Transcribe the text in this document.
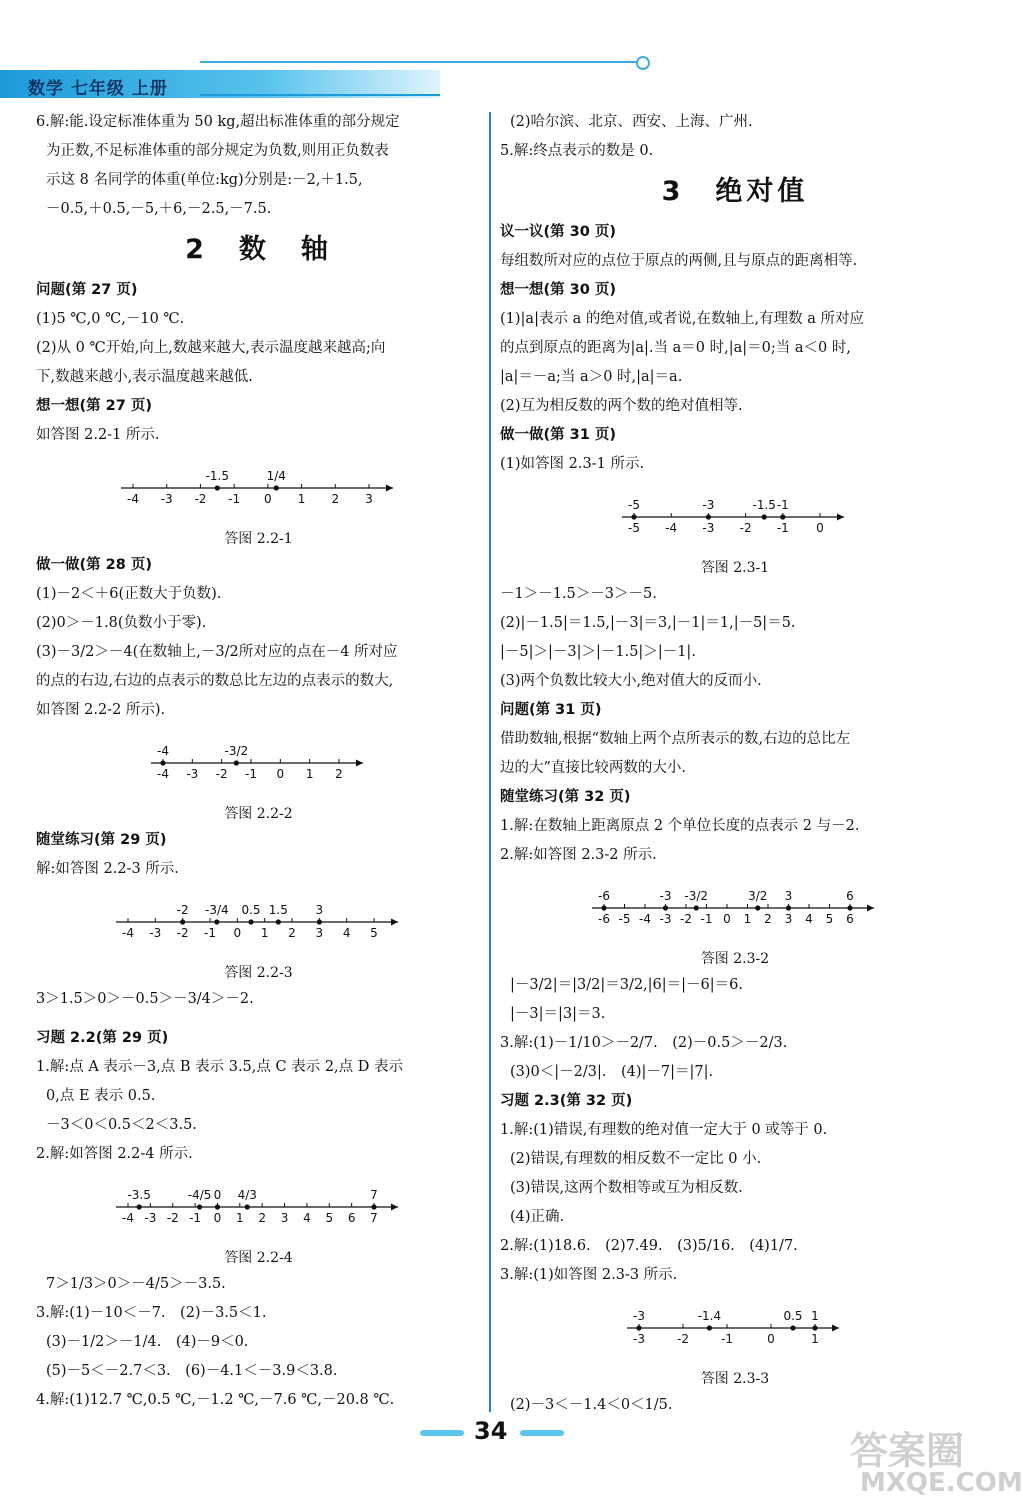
数学 七年级 上册
6.解:能.设定标准体重为 50 kg,超出标准体重的部分规定
为正数,不足标准体重的部分规定为负数,则用正负数表
示这 8 名同学的体重(单位:kg)分别是:－2,＋1.5,
－0.5,＋0.5,－5,＋6,－2.5,－7.5.
2　数　轴
问题(第 27 页)
(1)5 ℃,0 ℃,－10 ℃.
(2)从 0 ℃开始,向上,数越来越大,表示温度越来越高;向
下,数越来越小,表示温度越来越低.
想一想(第 27 页)
如答图 2.2-1 所示.
-4 -3 -2 -1 0 1 2 3
-1.5	1/4
答图 2.2-1
做一做(第 28 页)
(1)－2＜＋6(正数大于负数).
(2)0＞－1.8(负数小于零).
(3)－3/2＞－4(在数轴上,－3/2所对应的点在－4 所对应
的点的右边,右边的点表示的数总比左边的点表示的数大,
如答图 2.2-2 所示).
-4 -3 -2 -1 0 1 2
-4	-3/2
答图 2.2-2
随堂练习(第 29 页)
解:如答图 2.2-3 所示.
-4 -3 -2 -1 0 1 2 3 4 5
-2 -3/4 0.5 1.5 3
答图 2.2-3
3＞1.5＞0＞－0.5＞－3/4＞－2.
习题 2.2(第 29 页)
1.解:点 A 表示－3,点 B 表示 3.5,点 C 表示 2,点 D 表示
0,点 E 表示 0.5.
－3＜0＜0.5＜2＜3.5.
2.解:如答图 2.2-4 所示.
-4 -3 -2 -1 0 1 2 3 4 5 6 7
-3.5	-4/5 0 4/3	7
答图 2.2-4
7＞1/3＞0＞－4/5＞－3.5.
3.解:(1)－10＜－7.　(2)－3.5＜1.
(3)－1/2＞－1/4.　(4)－9＜0.
(5)－5＜－2.7＜3.　(6)－4.1＜－3.9＜3.8.
4.解:(1)12.7 ℃,0.5 ℃,－1.2 ℃,－7.6 ℃,－20.8 ℃.
(2)哈尔滨、北京、西安、上海、广州.
5.解:终点表示的数是 0.
3　绝对值
议一议(第 30 页)
每组数所对应的点位于原点的两侧,且与原点的距离相等.
想一想(第 30 页)
(1)|a|表示 a 的绝对值,或者说,在数轴上,有理数 a 所对应
的点到原点的距离为|a|.当 a＝0 时,|a|＝0;当 a＜0 时,
|a|＝－a;当 a＞0 时,|a|＝a.
(2)互为相反数的两个数的绝对值相等.
做一做(第 31 页)
(1)如答图 2.3-1 所示.
-5 -4 -3 -2 -1 0
-5	-3	-1.5 -1
答图 2.3-1
－1＞－1.5＞－3＞－5.
(2)|－1.5|＝1.5,|－3|＝3,|－1|＝1,|－5|＝5.
|－5|＞|－3|＞|－1.5|＞|－1|.
(3)两个负数比较大小,绝对值大的反而小.
问题(第 31 页)
借助数轴,根据“数轴上两个点所表示的数,右边的总比左
边的大”直接比较两数的大小.
随堂练习(第 32 页)
1.解:在数轴上距离原点 2 个单位长度的点表示 2 与－2.
2.解:如答图 2.3-2 所示.
-6 -5 -4 -3 -2 -1 0 1 2 3 4 5 6
-6	-3 -3/2	3/2 3	6
答图 2.3-2
|－3/2|＝|3/2|＝3/2,|6|＝|－6|＝6.
|－3|＝|3|＝3.
3.解:(1)－1/10＞－2/7.　(2)－0.5＞－2/3.
(3)0＜|－2/3|.　(4)|－7|＝|7|.
习题 2.3(第 32 页)
1.解:(1)错误,有理数的绝对值一定大于 0 或等于 0.
(2)错误,有理数的相反数不一定比 0 小.
(3)错误,这两个数相等或互为相反数.
(4)正确.
2.解:(1)18.6.　(2)7.49.　(3)5/16.　(4)1/7.
3.解:(1)如答图 2.3-3 所示.
-3	-2	-1	0	1
-3	-1.4	0.5 1
答图 2.3-3
(2)－3＜－1.4＜0＜1/5.
34	答案圈
MXQE.COM
